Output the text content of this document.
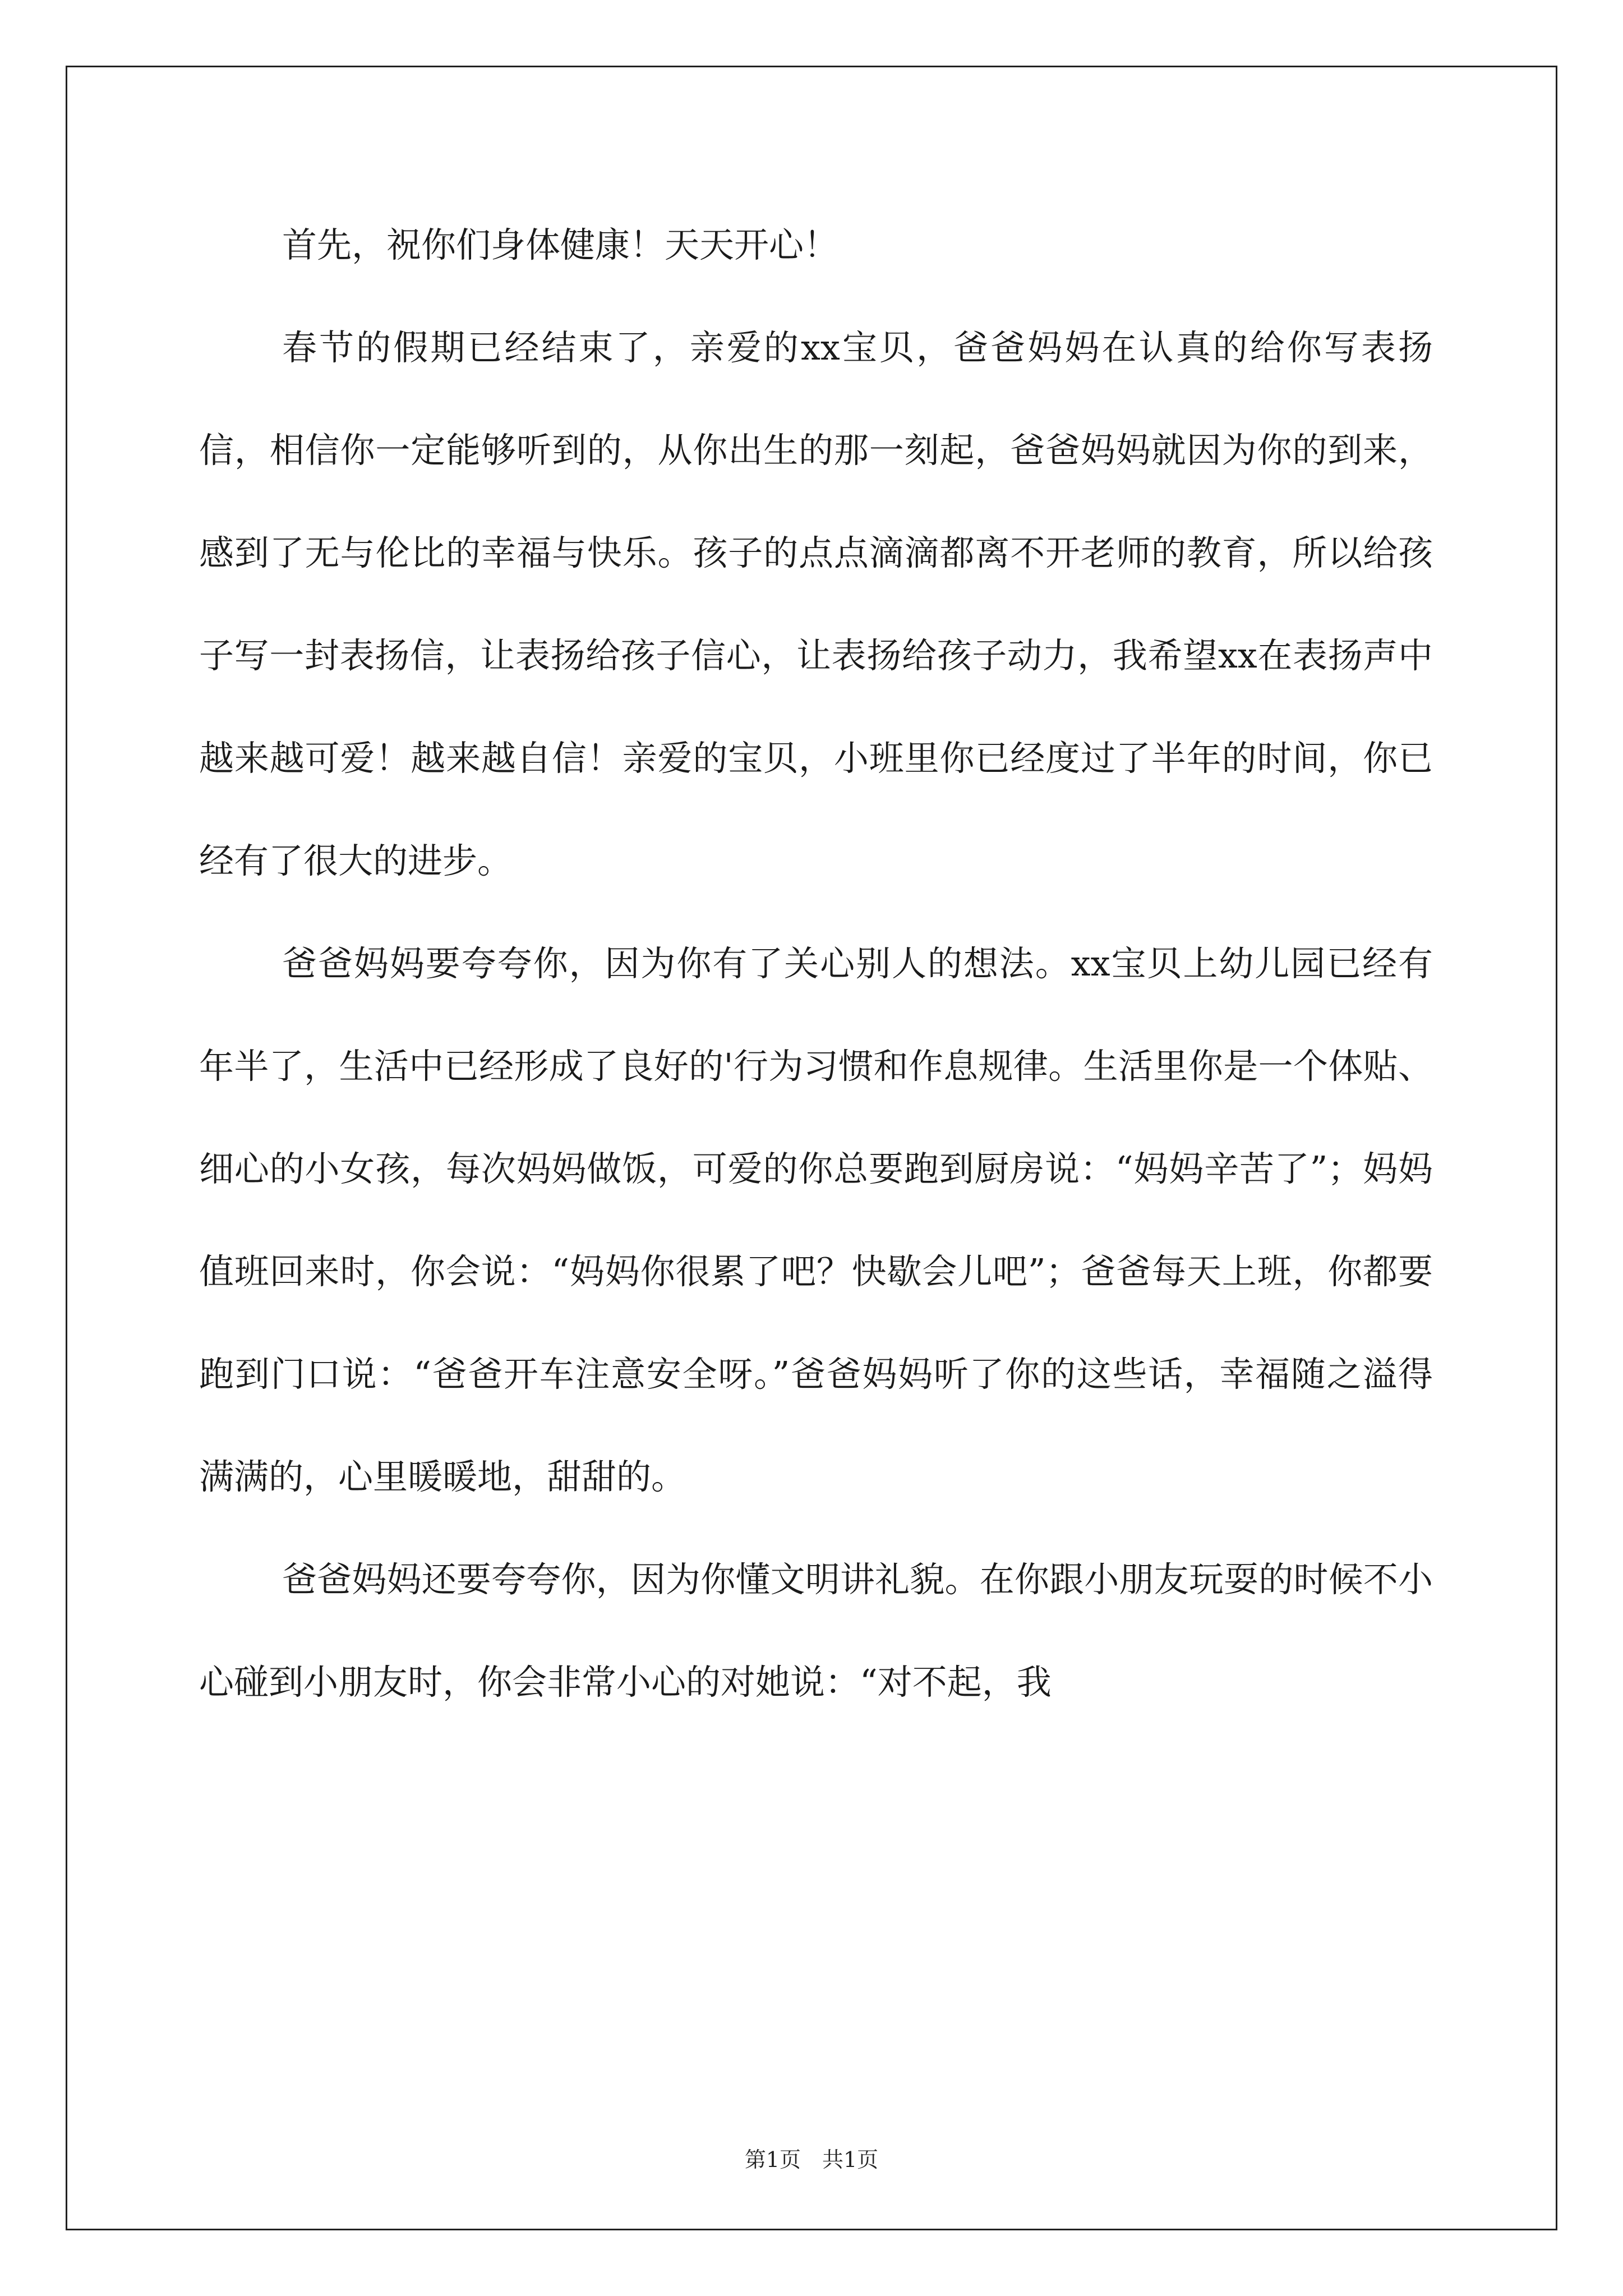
首先，祝你们身体健康！天天开心！

春节的假期已经结束了，亲爱的xx宝贝，爸爸妈妈在认真的给你写表扬信，相信你一定能够听到的，从你出生的那一刻起，爸爸妈妈就因为你的到来，感到了无与伦比的幸福与快乐。孩子的点点滴滴都离不开老师的教育，所以给孩子写一封表扬信，让表扬给孩子信心，让表扬给孩子动力，我希望xx在表扬声中越来越可爱！越来越自信！亲爱的宝贝，小班里你已经度过了半年的时间，你已经有了很大的进步。

爸爸妈妈要夸夸你，因为你有了关心别人的想法。xx宝贝上幼儿园已经有年半了，生活中已经形成了良好的'行为习惯和作息规律。生活里你是一个体贴、细心的小女孩，每次妈妈做饭，可爱的你总要跑到厨房说：“妈妈辛苦了”；妈妈值班回来时，你会说：“妈妈你很累了吧？快歇会儿吧”；爸爸每天上班，你都要跑到门口说：“爸爸开车注意安全呀。”爸爸妈妈听了你的这些话，幸福随之溢得满满的，心里暖暖地，甜甜的。

爸爸妈妈还要夸夸你，因为你懂文明讲礼貌。在你跟小朋友玩耍的时候不小心碰到小朋友时，你会非常小心的对她说：“对不起，我

第1页　共1页
